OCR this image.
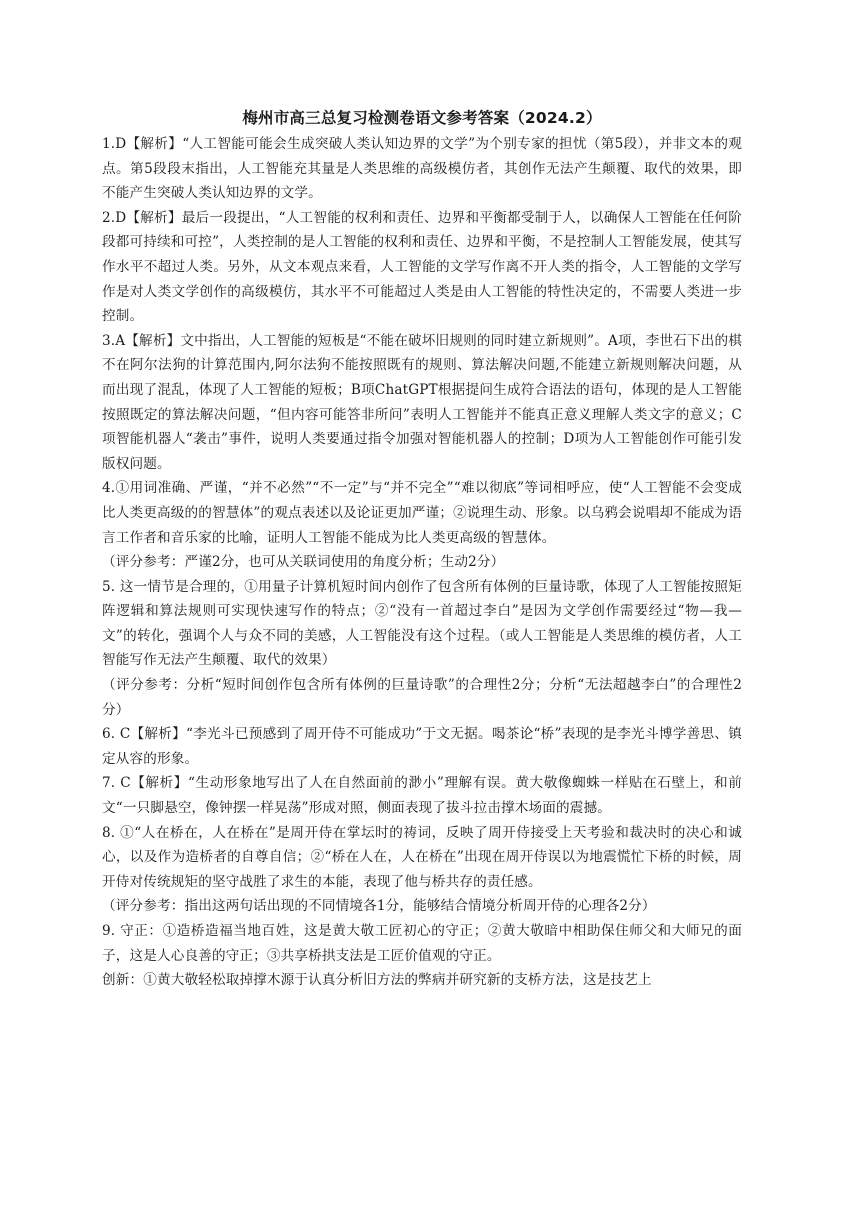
梅州市高三总复习检测卷语文参考答案（2024.2）

1.D【解析】“人工智能可能会生成突破人类认知边界的文学”为个别专家的担忧（第5段），并非文本的观点。第5段段末指出，人工智能充其量是人类思维的高级模仿者，其创作无法产生颠覆、取代的效果，即不能产生突破人类认知边界的文学。

2.D【解析】最后一段提出，“人工智能的权利和责任、边界和平衡都受制于人，以确保人工智能在任何阶段都可持续和可控”，人类控制的是人工智能的权利和责任、边界和平衡，不是控制人工智能发展，使其写作水平不超过人类。另外，从文本观点来看，人工智能的文学写作离不开人类的指令，人工智能的文学写作是对人类文学创作的高级模仿，其水平不可能超过人类是由人工智能的特性决定的，不需要人类进一步控制。

3.A【解析】文中指出，人工智能的短板是“不能在破坏旧规则的同时建立新规则”。A项，李世石下出的棋不在阿尔法狗的计算范围内,阿尔法狗不能按照既有的规则、算法解决问题,不能建立新规则解决问题，从而出现了混乱，体现了人工智能的短板；B项ChatGPT根据提问生成符合语法的语句，体现的是人工智能按照既定的算法解决问题，“但内容可能答非所问”表明人工智能并不能真正意义理解人类文字的意义；C项智能机器人“袭击”事件，说明人类要通过指令加强对智能机器人的控制；D项为人工智能创作可能引发版权问题。

4.①用词准确、严谨，“并不必然”“不一定”与“并不完全”“难以彻底”等词相呼应，使“人工智能不会变成比人类更高级的的智慧体”的观点表述以及论证更加严谨；②说理生动、形象。以乌鸦会说唱却不能成为语言工作者和音乐家的比喻，证明人工智能不能成为比人类更高级的智慧体。

（评分参考：严谨2分，也可从关联词使用的角度分析；生动2分）

5. 这一情节是合理的，①用量子计算机短时间内创作了包含所有体例的巨量诗歌，体现了人工智能按照矩阵逻辑和算法规则可实现快速写作的特点；②“没有一首超过李白”是因为文学创作需要经过“物—我—文”的转化，强调个人与众不同的美感，人工智能没有这个过程。（或人工智能是人类思维的模仿者，人工智能写作无法产生颠覆、取代的效果）

（评分参考：分析“短时间创作包含所有体例的巨量诗歌”的合理性2分；分析“无法超越李白”的合理性2分）

6. C【解析】“李光斗已预感到了周开侍不可能成功”于文无据。喝茶论“桥”表现的是李光斗博学善思、镇定从容的形象。

7. C【解析】“生动形象地写出了人在自然面前的渺小”理解有误。黄大敬像蜘蛛一样贴在石壁上，和前文“一只脚悬空，像钟摆一样晃荡”形成对照，侧面表现了拔斗拉击撑木场面的震撼。

8. ①“人在桥在，人在桥在”是周开侍在掌坛时的祷词，反映了周开侍接受上天考验和裁决时的决心和诚心，以及作为造桥者的自尊自信；②“桥在人在，人在桥在”出现在周开侍误以为地震慌忙下桥的时候，周开侍对传统规矩的坚守战胜了求生的本能，表现了他与桥共存的责任感。

（评分参考：指出这两句话出现的不同情境各1分，能够结合情境分析周开侍的心理各2分）

9. 守正：①造桥造福当地百姓，这是黄大敬工匠初心的守正；②黄大敬暗中相助保住师父和大师兄的面子，这是人心良善的守正；③共享桥拱支法是工匠价值观的守正。

创新：①黄大敬轻松取掉撑木源于认真分析旧方法的弊病并研究新的支桥方法，这是技艺上
